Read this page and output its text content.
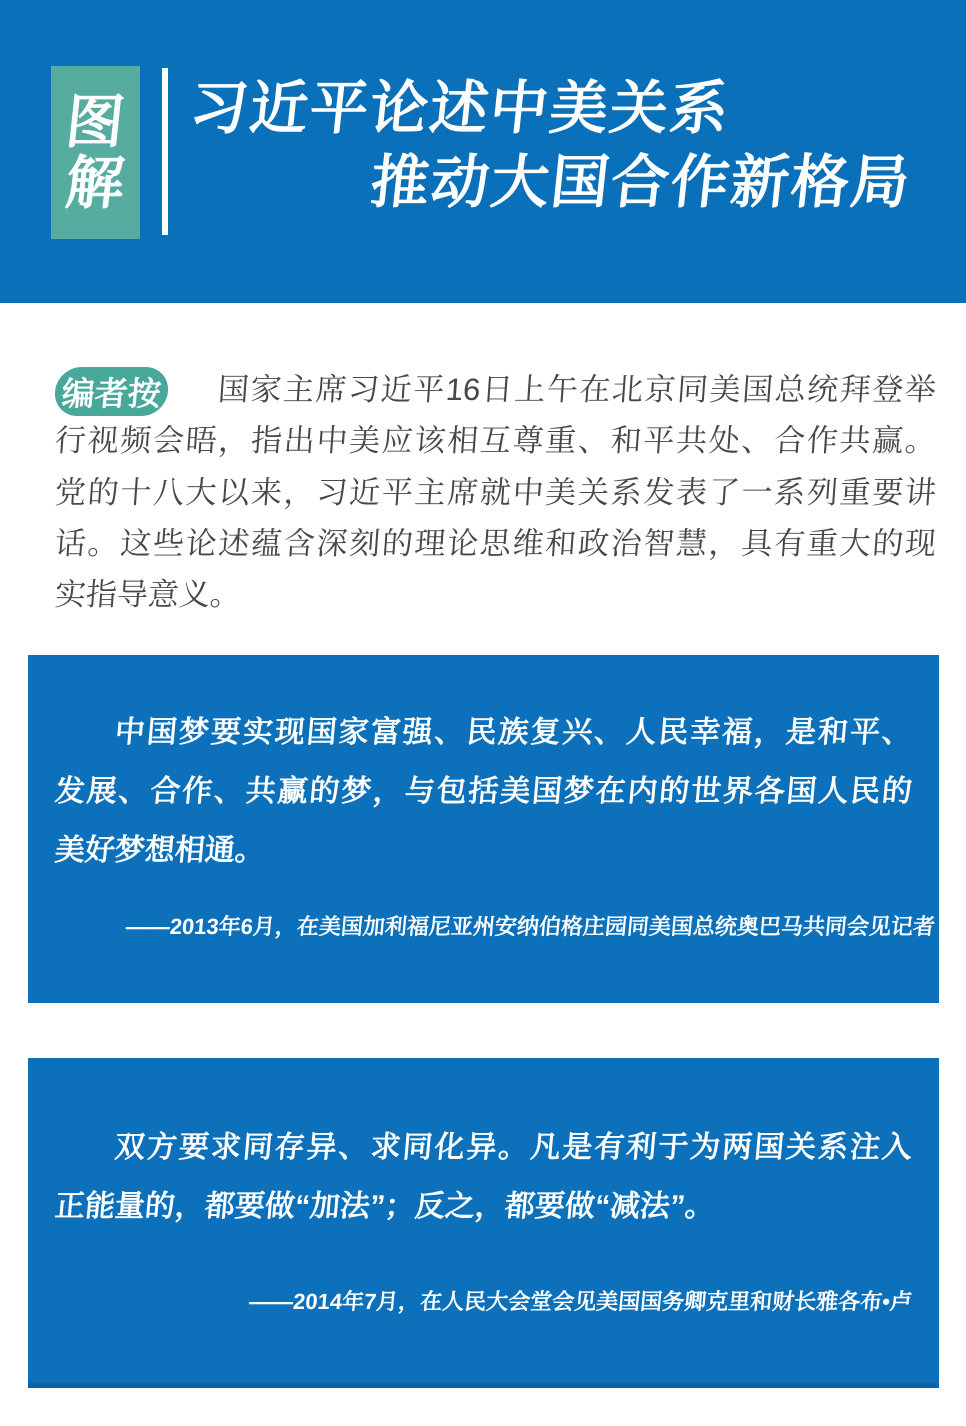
图
解
习近平论述中美关系
推动大国合作新格局
编者按	国家主席习近平16日上午在北京同美国总统拜登举
行视频会晤，指出中美应该相互尊重、和平共处、合作共赢。
党的十八大以来，习近平主席就中美关系发表了一系列重要讲
话。这些论述蕴含深刻的理论思维和政治智慧，具有重大的现
实指导意义。
中国梦要实现国家富强、民族复兴、人民幸福，是和平、
发展、合作、共赢的梦，与包括美国梦在内的世界各国人民的
美好梦想相通。
——2013年6月，在美国加利福尼亚州安纳伯格庄园同美国总统奥巴马共同会见记者
双方要求同存异、求同化异。凡是有利于为两国关系注入
正能量的，都要做“加法”；反之，都要做“减法”。
——2014年7月，在人民大会堂会见美国国务卿克里和财长雅各布•卢
